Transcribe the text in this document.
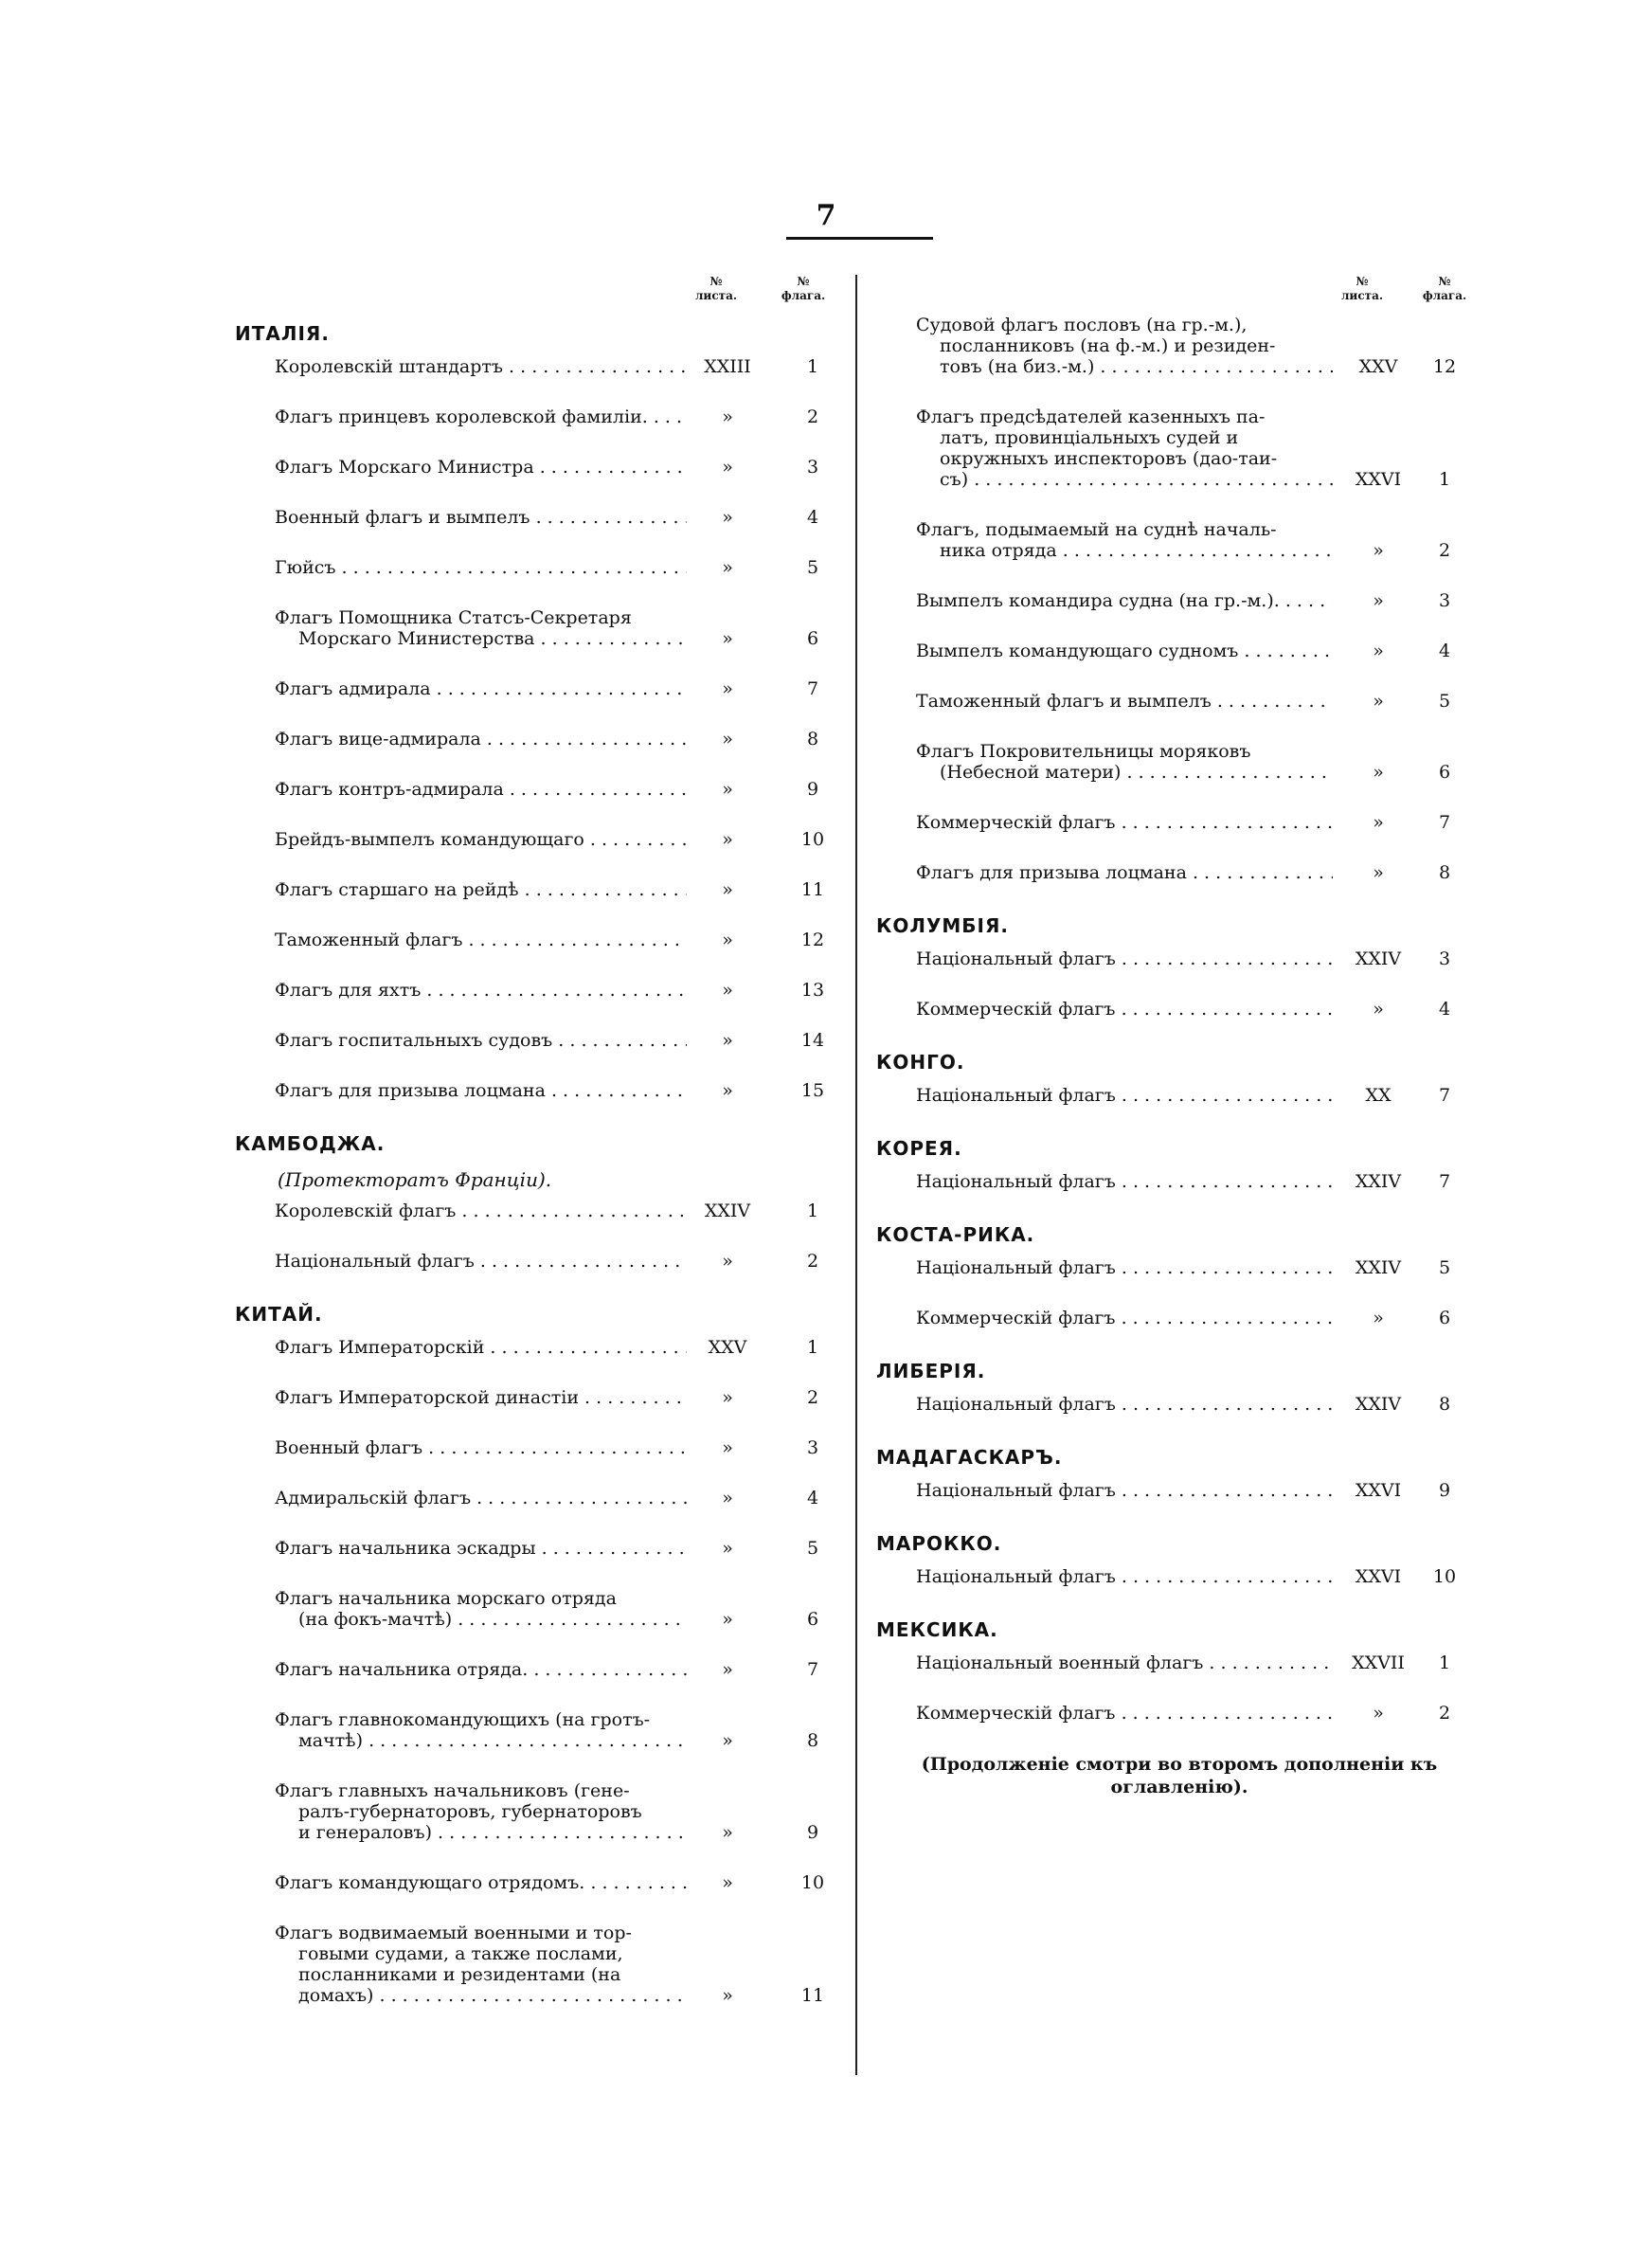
7
№
листа.
№
флага.
ИТАЛІЯ.
Королевскій штандартъ . . .	XXIII	1
Флагъ принцевъ королевской фамиліи. . . .	»	2
Флагъ Морскаго Министра . . .	»	3
Военный флагъ и вымпелъ . . .	»	4
Гюйсъ . . .	»	5
Флагъ Помощника Статсъ-Секретаря
Морскаго Министерства . . .	»	6
Флагъ адмирала . . .	»	7
Флагъ вице-адмирала . . .	»	8
Флагъ контръ-адмирала . . .	»	9
Брейдъ-вымпелъ командующаго . . .	»	10
Флагъ старшаго на рейдѣ . . .	»	11
Таможенный флагъ . . .	»	12
Флагъ для яхтъ . . .	»	13
Флагъ госпитальныхъ судовъ . . .	»	14
Флагъ для призыва лоцмана . . .	»	15
КАМБОДЖА.
(Протекторатъ Франціи).
Королевскій флагъ . . .	XXIV	1
Національный флагъ . . .	»	2
КИТАЙ.
Флагъ Императорскій . . .	XXV	1
Флагъ Императорской династіи . . .	»	2
Военный флагъ . . .	»	3
Адмиральскій флагъ . . .	»	4
Флагъ начальника эскадры . . .	»	5
Флагъ начальника морскаго отряда
(на фокъ-мачтѣ) . . .	»	6
Флагъ начальника отряда. . . .	»	7
Флагъ главнокомандующихъ (на гротъ-
мачтѣ) . . .	»	8
Флагъ главныхъ начальниковъ (гене-
ралъ-губернаторовъ, губернаторовъ
и генераловъ) . . .	»	9
Флагъ командующаго отрядомъ. . . .	»	10
Флагъ водвимаемый военными и тор-
говыми судами, а также послами,
посланниками и резидентами (на
домахъ) . . .	»	11
№
листа.
№
флага.
Судовой флагъ пословъ (на гр.-м.),
посланниковъ (на ф.-м.) и резиден-
товъ (на биз.-м.) . . .	XXV	12
Флагъ предсѣдателей казенныхъ па-
латъ, провинціальныхъ судей и
окружныхъ инспекторовъ (дао-таи-
съ) . . .	XXVI	1
Флагъ, подымаемый на суднѣ началь-
ника отряда . . .	»	2
Вымпелъ командира судна (на гр.-м.). . . .	»	3
Вымпелъ командующаго судномъ . . .	»	4
Таможенный флагъ и вымпелъ . . .	»	5
Флагъ Покровительницы моряковъ
(Небесной матери) . . .	»	6
Коммерческій флагъ . . .	»	7
Флагъ для призыва лоцмана . . .	»	8
КОЛУМБІЯ.
Національный флагъ . . .	XXIV	3
Коммерческій флагъ . . .	»	4
КОНГО.
Національный флагъ . . .	XX	7
КОРЕЯ.
Національный флагъ . . .	XXIV	7
КОСТА-РИКА.
Національный флагъ . . .	XXIV	5
Коммерческій флагъ . . .	»	6
ЛИБЕРІЯ.
Національный флагъ . . .	XXIV	8
МАДАГАСКАРЪ.
Національный флагъ . . .	XXVI	9
МАРОККО.
Національный флагъ . . .	XXVI	10
МЕКСИКА.
Національный военный флагъ . . .	XXVII	1
Коммерческій флагъ . . .	»	2
(Продолженіе смотри во второмъ дополненіи къ оглавленію).
